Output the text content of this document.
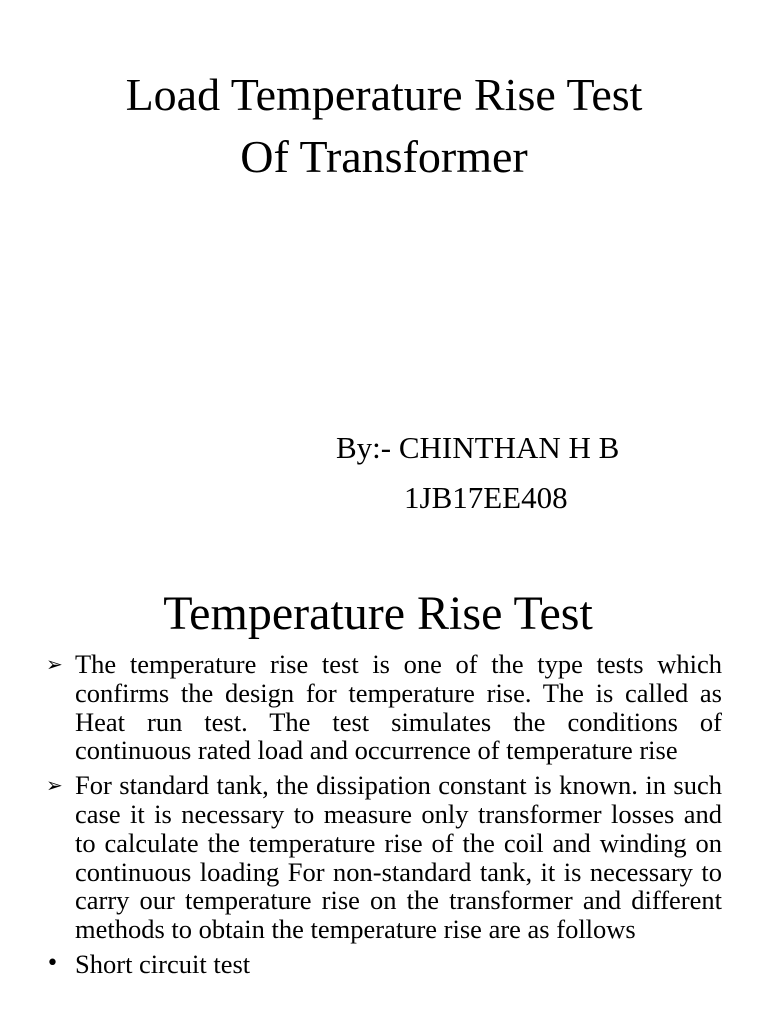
Load Temperature Rise Test
Of Transformer
By:- CHINTHAN H B
1JB17EE408
Temperature Rise Test
➢ The temperature rise test is one of the type tests which confirms the design for temperature rise. The is called as Heat run test. The test simulates the conditions of continuous rated load and occurrence of temperature rise
➢ For standard tank, the dissipation constant is known. in such case it is necessary to measure only transformer losses and to calculate the temperature rise of the coil and winding on continuous loading For non-standard tank, it is necessary to carry our temperature rise on the transformer and different methods to obtain the temperature rise are as follows
• Short circuit test
